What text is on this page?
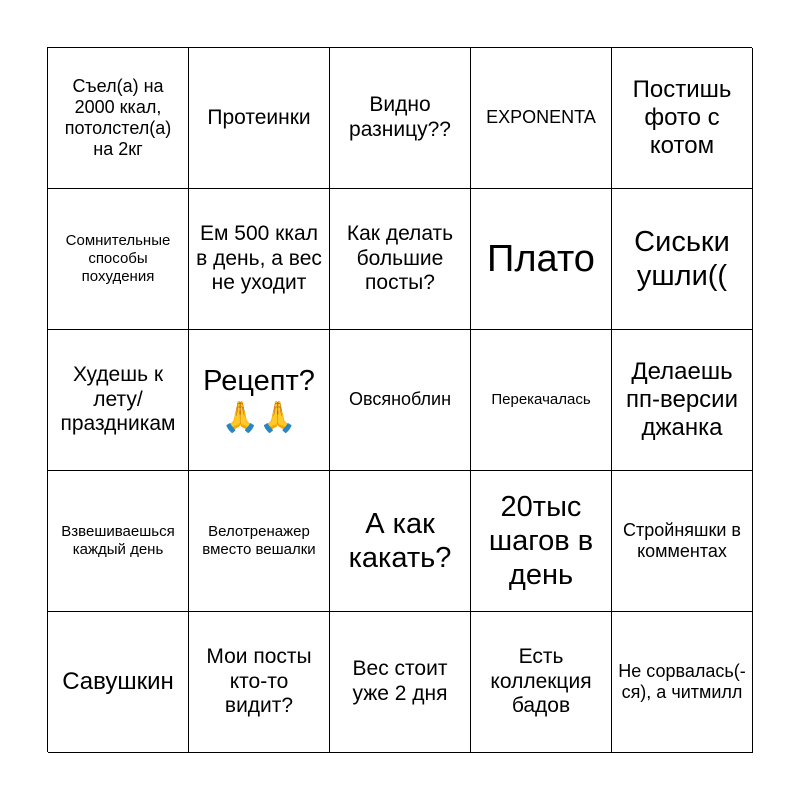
Съел(а) на 2000 ккал, потолстел(а) на 2кг
Протеинки
Видно разницу??
EXPONENTA
Постишь фото с котом
Сомнительные способы похудения
Ем 500 ккал в день, а вес не уходит
Как делать большие посты?
Плато	Сиськи ушли((
Худешь к лету/ праздникам
Рецепт?
🙏🙏
Овсяноблин	Перекачалась
Делаешь пп-версии джанка
Взвешиваешься каждый день
Велотренажер вместо вешалки
А как какать?
20тыс шагов в день
Стройняшки в комментах
Савушкин
Мои посты кто-то видит?
Вес стоит уже 2 дня
Есть коллекция бадов
Не сорвалась(-ся), а читмилл
